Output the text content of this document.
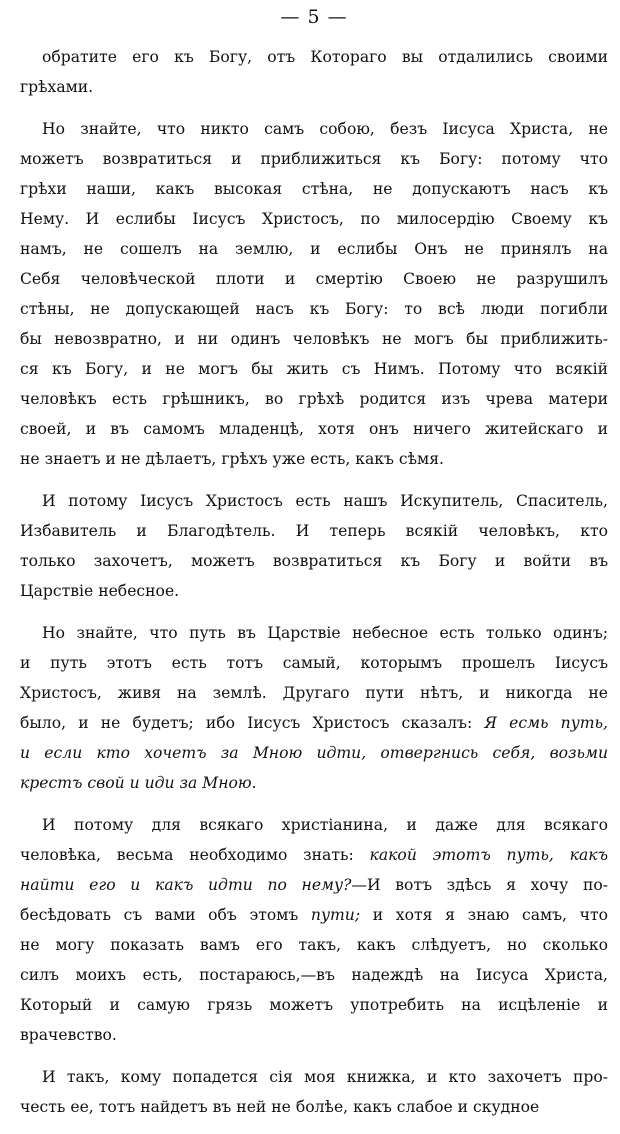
— 5 —
обратите его къ Богу, отъ Котораго вы отдалились своими
грѣхами.
Но знайте, что никто самъ собою, безъ Іисуса Христа, не
можетъ возвратиться и приближиться къ Богу: потому что
грѣхи наши, какъ высокая стѣна, не допускаютъ насъ къ
Нему. И еслибы Іисусъ Христосъ, по милосердію Своему къ
намъ, не сошелъ на землю, и еслибы Онъ не принялъ на
Себя человѣческой плоти и смертію Своею не разрушилъ
стѣны, не допускающей насъ къ Богу: то всѣ люди погибли
бы невозвратно, и ни одинъ человѣкъ не могъ бы приближить-
ся къ Богу, и не могъ бы жить съ Нимъ. Потому что всякій
человѣкъ есть грѣшникъ, во грѣхѣ родится изъ чрева матери
своей, и въ самомъ младенцѣ, хотя онъ ничего житейскаго и
не знаетъ и не дѣлаетъ, грѣхъ уже есть, какъ сѣмя.
И потому Іисусъ Христосъ есть нашъ Искупитель, Спаситель,
Избавитель и Благодѣтель. И теперь всякій человѣкъ, кто
только захочетъ, можетъ возвратиться къ Богу и войти въ
Царствіе небесное.
Но знайте, что путь въ Царствіе небесное есть только одинъ;
и путь этотъ есть тотъ самый, которымъ прошелъ Іисусъ
Христосъ, живя на землѣ. Другаго пути нѣтъ, и никогда не
было, и не будетъ; ибо Іисусъ Христосъ сказалъ: Я есмь путь,
и если кто хочетъ за Мною идти, отвергнись себя, возьми
крестъ свой и иди за Мною.
И потому для всякаго христіанина, и даже для всякаго
человѣка, весьма необходимо знать: какой этотъ путь, какъ
найти его и какъ идти по нему?—И вотъ здѣсь я хочу по-
бесѣдовать съ вами объ этомъ пути; и хотя я знаю самъ, что
не могу показать вамъ его такъ, какъ слѣдуетъ, но сколько
силъ моихъ есть, постараюсь,—въ надеждѣ на Іисуса Христа,
Который и самую грязь можетъ употребить на исцѣленіе и
врачевство.
И такъ, кому попадется сія моя книжка, и кто захочетъ про-
честь ее, тотъ найдетъ въ ней не болѣе, какъ слабое и скудное
